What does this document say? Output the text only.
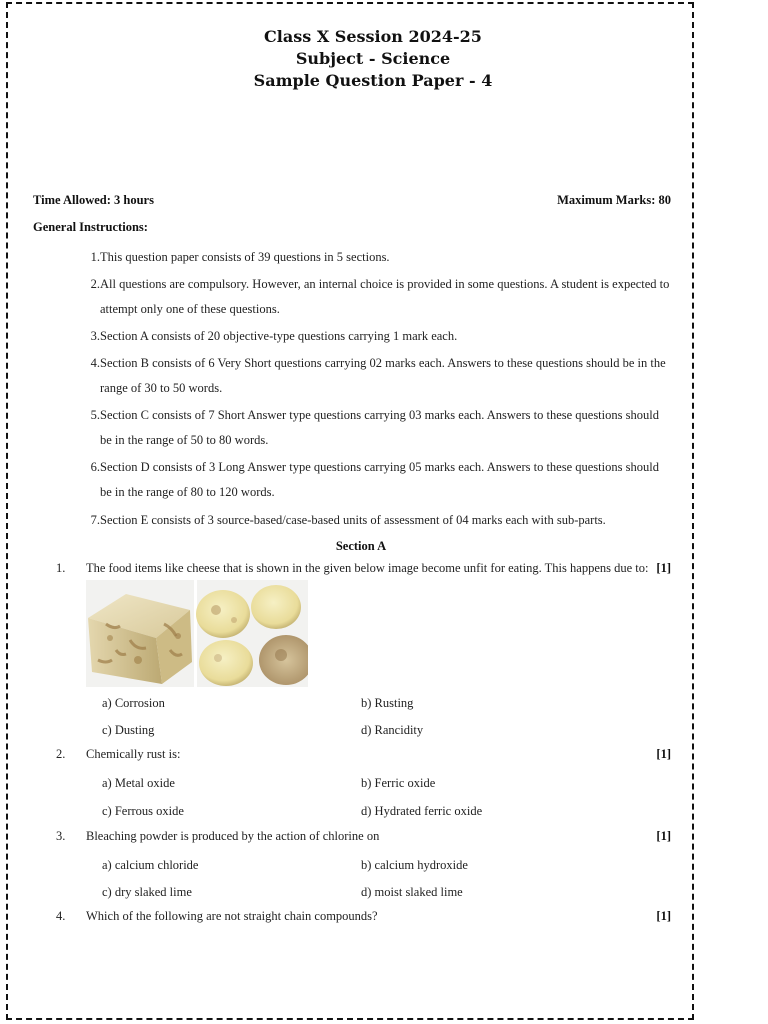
Class X Session 2024-25
Subject - Science
Sample Question Paper - 4
Time Allowed: 3 hours	Maximum Marks: 80
General Instructions:
1. This question paper consists of 39 questions in 5 sections.
2. All questions are compulsory. However, an internal choice is provided in some questions. A student is expected to
attempt only one of these questions.
3. Section A consists of 20 objective-type questions carrying 1 mark each.
4. Section B consists of 6 Very Short questions carrying 02 marks each. Answers to these questions should be in the
range of 30 to 50 words.
5. Section C consists of 7 Short Answer type questions carrying 03 marks each. Answers to these questions should
be in the range of 50 to 80 words.
6. Section D consists of 3 Long Answer type questions carrying 05 marks each. Answers to these questions should
be in the range of 80 to 120 words.
7. Section E consists of 3 source-based/case-based units of assessment of 04 marks each with sub-parts.
Section A
1. The food items like cheese that is shown in the given below image become unfit for eating. This happens due to: [1]
a) Corrosion	b) Rusting
c) Dusting	d) Rancidity
2. Chemically rust is:	[1]
a) Metal oxide	b) Ferric oxide
c) Ferrous oxide	d) Hydrated ferric oxide
3. Bleaching powder is produced by the action of chlorine on	[1]
a) calcium chloride	b) calcium hydroxide
c) dry slaked lime	d) moist slaked lime
4. Which of the following are not straight chain compounds?	[1]
